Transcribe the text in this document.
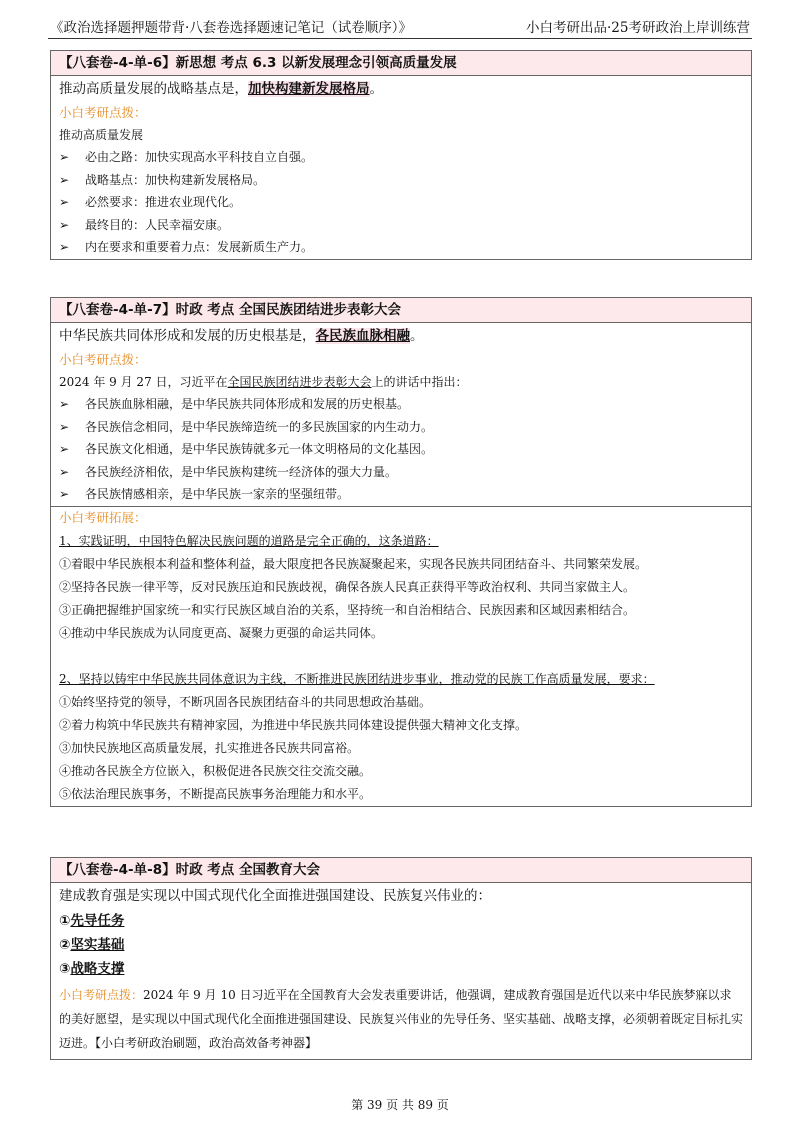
《政治选择题押题带背·八套卷选择题速记笔记（试卷顺序）》	小白考研出品·25考研政治上岸训练营
【八套卷-4-单-6】新思想 考点 6.3 以新发展理念引领高质量发展
推动高质量发展的战略基点是，加快构建新发展格局。
小白考研点拨：
推动高质量发展
➢ 必由之路：加快实现高水平科技自立自强。
➢ 战略基点：加快构建新发展格局。
➢ 必然要求：推进农业现代化。
➢ 最终目的：人民幸福安康。
➢ 内在要求和重要着力点：发展新质生产力。
【八套卷-4-单-7】时政 考点 全国民族团结进步表彰大会
中华民族共同体形成和发展的历史根基是，各民族血脉相融。
小白考研点拨：
2024 年 9 月 27 日，习近平在全国民族团结进步表彰大会上的讲话中指出：
➢ 各民族血脉相融，是中华民族共同体形成和发展的历史根基。
➢ 各民族信念相同，是中华民族缔造统一的多民族国家的内生动力。
➢ 各民族文化相通，是中华民族铸就多元一体文明格局的文化基因。
➢ 各民族经济相依，是中华民族构建统一经济体的强大力量。
➢ 各民族情感相亲，是中华民族一家亲的坚强纽带。
小白考研拓展：
1、实践证明，中国特色解决民族问题的道路是完全正确的，这条道路：
①着眼中华民族根本利益和整体利益，最大限度把各民族凝聚起来，实现各民族共同团结奋斗、共同繁荣发展。
②坚持各民族一律平等，反对民族压迫和民族歧视，确保各族人民真正获得平等政治权利、共同当家做主人。
③正确把握维护国家统一和实行民族区域自治的关系，坚持统一和自治相结合、民族因素和区域因素相结合。
④推动中华民族成为认同度更高、凝聚力更强的命运共同体。
2、坚持以铸牢中华民族共同体意识为主线，不断推进民族团结进步事业，推动党的民族工作高质量发展，要求：
①始终坚持党的领导，不断巩固各民族团结奋斗的共同思想政治基础。
②着力构筑中华民族共有精神家园，为推进中华民族共同体建设提供强大精神文化支撑。
③加快民族地区高质量发展，扎实推进各民族共同富裕。
④推动各民族全方位嵌入，积极促进各民族交往交流交融。
⑤依法治理民族事务，不断提高民族事务治理能力和水平。
【八套卷-4-单-8】时政 考点 全国教育大会
建成教育强是实现以中国式现代化全面推进强国建设、民族复兴伟业的：
①先导任务
②坚实基础
③战略支撑
小白考研点拨：2024 年 9 月 10 日习近平在全国教育大会发表重要讲话，他强调，建成教育强国是近代以来中华民族梦寐以求的美好愿望，是实现以中国式现代化全面推进强国建设、民族复兴伟业的先导任务、坚实基础、战略支撑，必须朝着既定目标扎实迈进。【小白考研政治刷题，政治高效备考神器】
第 39 页 共 89 页
